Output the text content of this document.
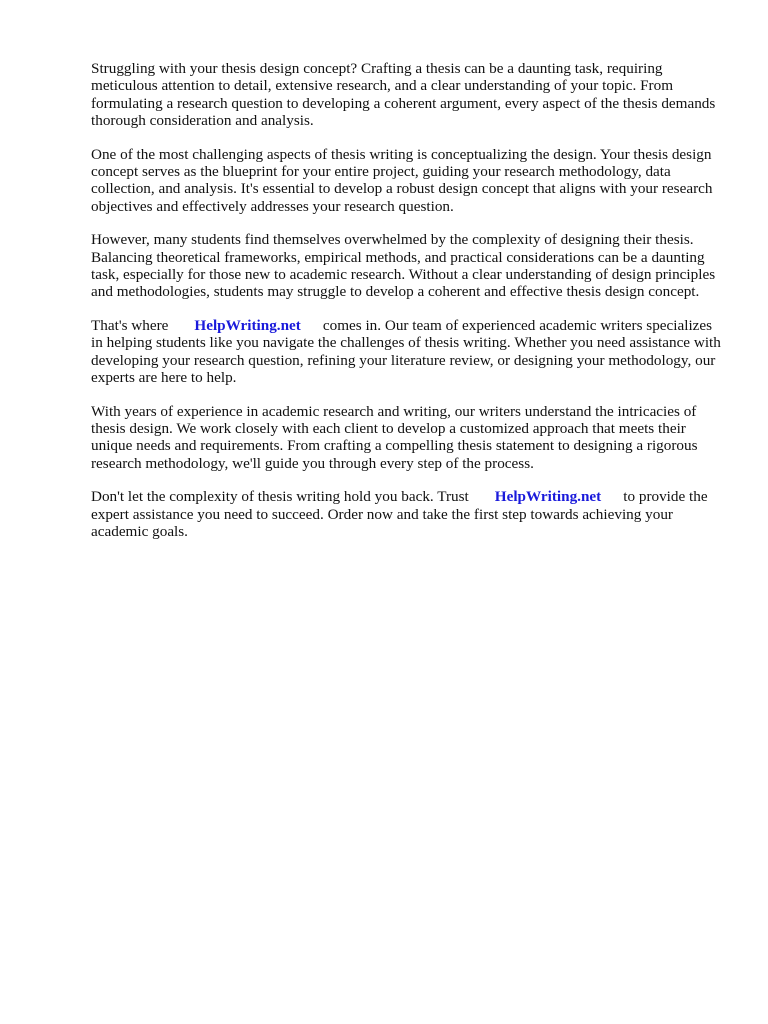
Struggling with your thesis design concept? Crafting a thesis can be a daunting task, requiring meticulous attention to detail, extensive research, and a clear understanding of your topic. From formulating a research question to developing a coherent argument, every aspect of the thesis demands thorough consideration and analysis.

One of the most challenging aspects of thesis writing is conceptualizing the design. Your thesis design concept serves as the blueprint for your entire project, guiding your research methodology, data collection, and analysis. It's essential to develop a robust design concept that aligns with your research objectives and effectively addresses your research question.

However, many students find themselves overwhelmed by the complexity of designing their thesis. Balancing theoretical frameworks, empirical methods, and practical considerations can be a daunting task, especially for those new to academic research. Without a clear understanding of design principles and methodologies, students may struggle to develop a coherent and effective thesis design concept.

That's where HelpWriting.net comes in. Our team of experienced academic writers specializes in helping students like you navigate the challenges of thesis writing. Whether you need assistance with developing your research question, refining your literature review, or designing your methodology, our experts are here to help.

With years of experience in academic research and writing, our writers understand the intricacies of thesis design. We work closely with each client to develop a customized approach that meets their unique needs and requirements. From crafting a compelling thesis statement to designing a rigorous research methodology, we'll guide you through every step of the process.

Don't let the complexity of thesis writing hold you back. Trust HelpWriting.net to provide the expert assistance you need to succeed. Order now and take the first step towards achieving your academic goals.
